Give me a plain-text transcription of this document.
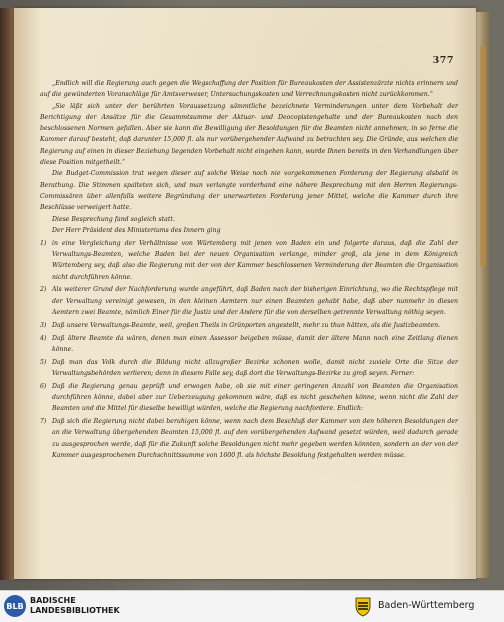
377

„Endlich will die Regierung auch gegen die Wegschaffung der Position für Bureaukosten der Assistenzärzte nichts erinnern und auf die gewünderten Voranschläge für Amtsverweser, Untersuchungskosten und Verrechnungskosten nicht zurückkommen.“

„Sie läßt sich unter der berührten Voraussetzung sämmtliche bezeichnete Verminderungen unter dem Vorbehalt der Berichtigung der Ansätze für die Gesammtsumme der Aktuar- und Deocopistengehalte und der Bureaukosten nach den beschlossenen Normen gefallen. Aber sie kann die Bewilligung der Besoldungen für die Beamten nicht annehmen, in so ferne die Kammer darauf besteht, daß darunter 15,000 fl. als nur vorübergehender Aufwand zu betrachten sey. Die Gründe, aus welchen die Regierung auf einen in dieser Beziehung liegenden Vorbehalt nicht eingehen kann, wurde Ihnen bereits in den Verhandlungen über diese Position mitgetheilt.“

Die Budget-Commission trat wegen dieser auf solche Weise noch nie vorgekommenen Forderung der Regierung alsbald in Berathung. Die Stimmen spalteten sich, und man verlangte vorderhand eine nähere Besprechung mit den Herren Regierungs-Commissären über allenfalls weitere Begründung der unerwarteten Forderung jener Mittel, welche die Kammer durch ihre Beschlüsse verweigert hatte.

Diese Besprechung fand sogleich statt.

Der Herr Präsident des Ministeriums des Innern ging

1) in eine Vergleichung der Verhältnisse von Würtemberg mit jenen von Baden ein und folgerte daraus, daß die Zahl der Verwaltungs-Beamten, welche Baden bei der neuen Organisation verlange, minder groß, als jene in dem Königreich Würtemberg sey, daß also die Regierung mit der von der Kammer beschlossenen Verminderung der Beamten die Organisation nicht durchführen könne.
2) Als weiterer Grund der Nachforderung wurde angeführt, daß Baden nach der bisherigen Einrichtung, wo die Rechtspflege mit der Verwaltung vereinigt gewesen, in den kleinen Aemtern nur einen Beamten gehabt habe, daß aber nunmehr in diesen Aemtern zwei Beamte, nämlich Einer für die Justiz und der Andere für die von derselben getrennte Verwaltung nöthig seyen.
3) Daß unsere Verwaltungs-Beamte, weil, großen Theils in Grünporten angestellt, mehr zu thun hätten, als die Justizbeamten.
4) Daß ältere Beamte da wären, denen man einen Assessor beigeben müsse, damit der ältere Mann noch eine Zeitlang dienen könne.
5) Daß man das Volk durch die Bildung nicht allzugroßer Bezirke schonen wolle, damit nicht zuviele Orte die Sitze der Verwaltungsbehörden verlieren; denn in diesem Falle sey, daß dort die Verwaltungs-Bezirke zu groß seyen. Ferner:
6) Daß die Regierung genau geprüft und erwogen habe, ob sie mit einer geringeren Anzahl von Beamten die Organisation durchführen könne, dabei aber zur Ueberzeugung gekommen wäre, daß es nicht geschehen könne, wenn nicht die Zahl der Beamten und die Mittel für dieselbe bewilligt würden, welche die Regierung nachfordere. Endlich:
7) Daß sich die Regierung nicht dabei beruhigen könne, wenn nach dem Beschluß der Kammer von den höheren Besoldungen der an die Verwaltung übergehenden Beamten 15,000 fl. auf den vorübergehenden Aufwand gesetzt würden, weil dadurch gerade zu ausgesprochen werde, daß für die Zukunft solche Besoldungen nicht mehr gegeben werden könnten, sondern an der von der Kammer ausgesprochenen Durchschnittssumme von 1600 fl. als höchste Besoldung festgehalten werden müsse.
BLB
BADISCHE
LANDESBIBLIOTHEK	Baden-Württemberg
